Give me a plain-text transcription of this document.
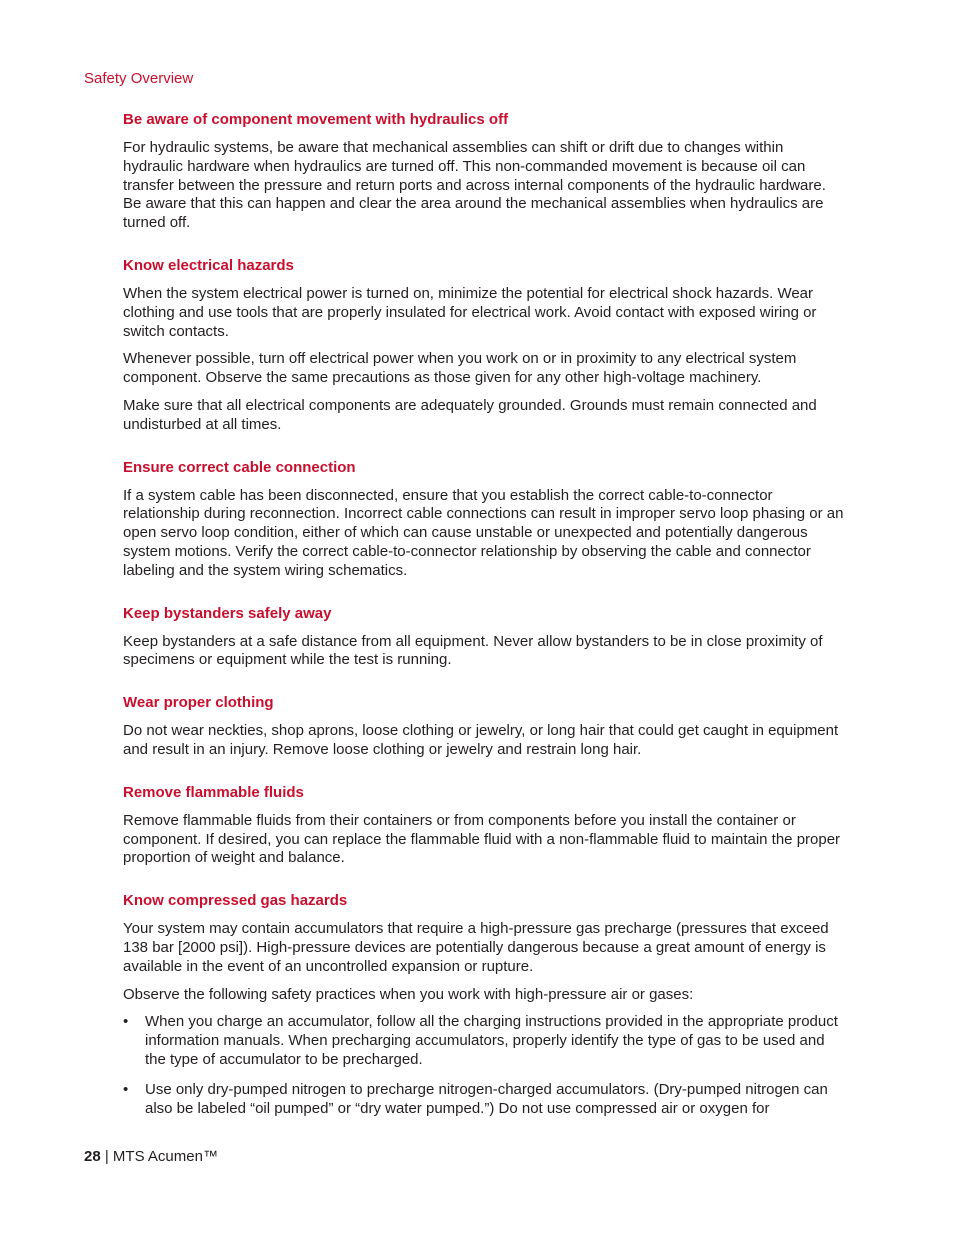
Safety Overview
Be aware of component movement with hydraulics off

For hydraulic systems, be aware that mechanical assemblies can shift or drift due to changes within hydraulic hardware when hydraulics are turned off. This non-commanded movement is because oil can transfer between the pressure and return ports and across internal components of the hydraulic hardware. Be aware that this can happen and clear the area around the mechanical assemblies when hydraulics are turned off.

Know electrical hazards

When the system electrical power is turned on, minimize the potential for electrical shock hazards. Wear clothing and use tools that are properly insulated for electrical work. Avoid contact with exposed wiring or switch contacts.

Whenever possible, turn off electrical power when you work on or in proximity to any electrical system component. Observe the same precautions as those given for any other high-voltage machinery.

Make sure that all electrical components are adequately grounded. Grounds must remain connected and undisturbed at all times.

Ensure correct cable connection

If a system cable has been disconnected, ensure that you establish the correct cable-to-connector relationship during reconnection. Incorrect cable connections can result in improper servo loop phasing or an open servo loop condition, either of which can cause unstable or unexpected and potentially dangerous system motions. Verify the correct cable-to-connector relationship by observing the cable and connector labeling and the system wiring schematics.

Keep bystanders safely away

Keep bystanders at a safe distance from all equipment. Never allow bystanders to be in close proximity of specimens or equipment while the test is running.

Wear proper clothing

Do not wear neckties, shop aprons, loose clothing or jewelry, or long hair that could get caught in equipment and result in an injury. Remove loose clothing or jewelry and restrain long hair.

Remove flammable fluids

Remove flammable fluids from their containers or from components before you install the container or component. If desired, you can replace the flammable fluid with a non-flammable fluid to maintain the proper proportion of weight and balance.

Know compressed gas hazards

Your system may contain accumulators that require a high-pressure gas precharge (pressures that exceed 138 bar [2000 psi]). High-pressure devices are potentially dangerous because a great amount of energy is available in the event of an uncontrolled expansion or rupture.

Observe the following safety practices when you work with high-pressure air or gases:

• When you charge an accumulator, follow all the charging instructions provided in the appropriate product information manuals. When precharging accumulators, properly identify the type of gas to be used and the type of accumulator to be precharged.
• Use only dry-pumped nitrogen to precharge nitrogen-charged accumulators. (Dry-pumped nitrogen can also be labeled “oil pumped” or “dry water pumped.”) Do not use compressed air or oxygen for
28 | MTS Acumen™
